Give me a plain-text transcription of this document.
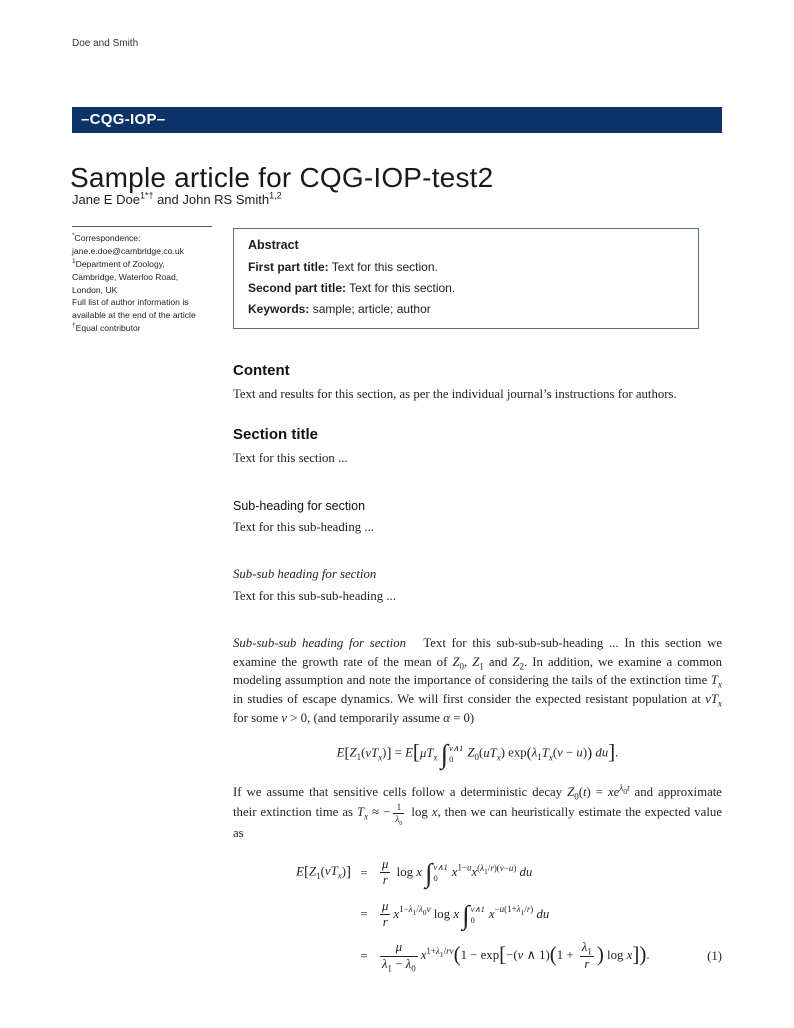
Doe and Smith
–CQG-IOP–
Sample article for CQG-IOP-test2
Jane E Doe$^{1*\dagger}$ and John RS Smith$^{1,2}$
*Correspondence:
jane.e.doe@cambridge.co.uk
$^1$Department of Zoology,
Cambridge, Waterloo Road,
London, UK
Full list of author information is
available at the end of the article
†Equal contributor
Abstract
First part title: Text for this section.
Second part title: Text for this section.
Keywords: sample; article; author
Content

Text and results for this section, as per the individual journal’s instructions for authors.

Section title

Text for this section ...

Sub-heading for section

Text for this sub-heading ...

Sub-sub heading for section

Text for this sub-sub-heading ...

Sub-sub-sub heading for section   Text for this sub-sub-sub-heading ... In this section we examine the growth rate of the mean of $Z_0$, $Z_1$ and $Z_2$. In addition, we examine a common modeling assumption and note the importance of considering the tails of the extinction time $T_x$ in studies of escape dynamics. We will first consider the expected resistant population at $vT_x$ for some v > 0, (and temporarily assume α = 0)

$E[Z_1(vT_x)] = E[\mu T_x$ ∫ v∧1
0	$Z_0(uT_x) \exp(\lambda_1T_x(v - u))$ du].

If we assume that sensitive cells follow a deterministic decay $Z_0(t) = xe^{\lambda_0t}$ and approximate their extinction time as $T_x$ ≈ − $\frac{1}{\lambda_0}$ log x, then we can heuristically estimate the expected value as

$E[Z_1(vT_x)] = \frac{\mu}{r}$ log x ∫ v∧1
0	$x^{1-u}x^{(\lambda_1/r)(v-u)}$ du
= $\frac{\mu}{r} x^{1-\lambda_1/\lambda_0v}$ log x ∫ v∧1
0	$x^{-u(1+\lambda_1/r)}$ du
= $\frac{\mu}{\lambda_1 - \lambda_0} x^{1+\lambda_1/rv}(1 - \exp[-(v$ ∧ $1)(1 + \frac{\lambda_1}{r}$ ) log x]).	(1)
